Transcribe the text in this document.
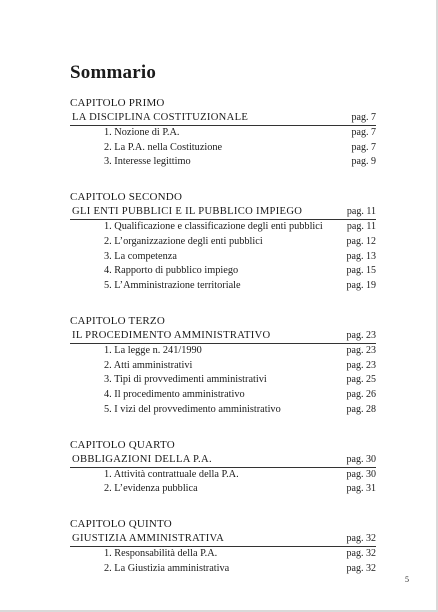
Sommario
CAPITOLO PRIMO
LA DISCIPLINA COSTITUZIONALE	pag. 7
1. Nozione di P.A.	pag. 7
2. La P.A. nella Costituzione	pag. 7
3. Interesse legittimo	pag. 9
CAPITOLO SECONDO
GLI ENTI PUBBLICI E IL PUBBLICO IMPIEGO	pag. 11
1. Qualificazione e classificazione degli enti pubblici pag. 11
2. L’organizzazione degli enti pubblici	pag. 12
3. La competenza	pag. 13
4. Rapporto di pubblico impiego	pag. 15
5. L’Amministrazione territoriale	pag. 19
CAPITOLO TERZO
IL PROCEDIMENTO AMMINISTRATIVO	pag. 23
1. La legge n. 241/1990	pag. 23
2. Atti amministrativi	pag. 23
3. Tipi di provvedimenti amministrativi	pag. 25
4. Il procedimento amministrativo	pag. 26
5. I vizi del provvedimento amministrativo	pag. 28
CAPITOLO QUARTO
OBBLIGAZIONI DELLA P.A.	pag. 30
1. Attività contrattuale della P.A.	pag. 30
2. L’evidenza pubblica	pag. 31
CAPITOLO QUINTO
GIUSTIZIA AMMINISTRATIVA	pag. 32
1. Responsabilità della P.A.	pag. 32
2. La Giustizia amministrativa	pag. 32
5
